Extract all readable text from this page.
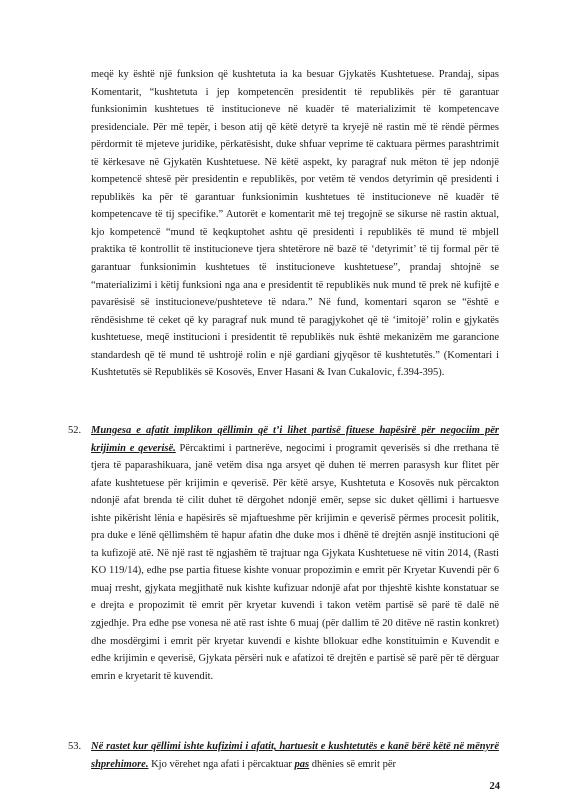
meqë ky është një funksion që kushtetuta ia ka besuar Gjykatës Kushtetuese. Prandaj, sipas Komentarit, “kushtetuta i jep kompetencën presidentit të republikës për të garantuar funksionimin kushtetues të institucioneve në kuadër të materializimit të kompetencave presidenciale. Për më tepër, i beson atij që këtë detyrë ta kryejë në rastin më të rëndë përmes përdormit të mjeteve juridike, përkatësisht, duke shfuar veprime të caktuara përmes parashtrimit të kërkesave në Gjykatën Kushtetuese. Në këtë aspekt, ky paragraf nuk mëton të jep ndonjë kompetencë shtesë për presidentin e republikës, por vetëm të vendos detyrimin që presidenti i republikës ka për të garantuar funksionimin kushtetues të institucioneve në kuadër të kompetencave të tij specifike.” Autorët e komentarit më tej tregojnë se sikurse në rastin aktual, kjo kompetencë “mund të keqkuptohet ashtu që presidenti i republikës të mund të mbjell praktika të kontrollit të institucioneve tjera shtetërore në bazë të ‘detyrimit’ të tij formal për të garantuar funksionimin kushtetues të institucioneve kushtetuese”, prandaj shtojnë se “materializimi i këtij funksioni nga ana e presidentit të republikës nuk mund të prek në kufijtë e pavarësisë së institucioneve/pushteteve të ndara.” Në fund, komentari sqaron se “është e rëndësishme të ceket që ky paragraf nuk mund të paragjykohet që të ‘imitojë’ rolin e gjykatës kushtetuese, meqë institucioni i presidentit të republikës nuk është mekanizëm me garancione standardesh që të mund të ushtrojë rolin e një gardiani gjyqësor të kushtetutës.” (Komentari i Kushtetutës së Republikës së Kosovës, Enver Hasani & Ivan Cukalovic, f.394-395).

52. Mungesa e afatit implikon qëllimin që t’i lihet partisë fituese hapësirë për negociim për krijimin e qeverisë. Përcaktimi i partnerëve, negocimi i programit qeverisës si dhe rrethana të tjera të paparashikuara, janë vetëm disa nga arsyet që duhen të merren parasysh kur flitet për afate kushtetuese për krijimin e qeverisë. Për këtë arsye, Kushtetuta e Kosovës nuk përcakton ndonjë afat brenda të cilit duhet të dërgohet ndonjë emër, sepse sic duket qëllimi i hartuesve ishte pikërisht lënia e hapësirës së mjaftueshme për krijimin e qeverisë përmes procesit politik, pra duke e lënë qëllimshëm të hapur afatin dhe duke mos i dhënë të drejtën asnjë institucioni që ta kufizojë atë. Në një rast të ngjashëm të trajtuar nga Gjykata Kushtetuese në vitin 2014, (Rasti KO 119/14), edhe pse partia fituese kishte vonuar propozimin e emrit për Kryetar Kuvendi për 6 muaj rresht, gjykata megjithatë nuk kishte kufizuar ndonjë afat por thjeshtë kishte konstatuar se e drejta e propozimit të emrit për kryetar kuvendi i takon vetëm partisë së parë të dalë në zgjedhje. Pra edhe pse vonesa në atë rast ishte 6 muaj (për dallim të 20 ditëve në rastin konkret) dhe mosdërgimi i emrit për kryetar kuvendi e kishte bllokuar edhe konstituimin e Kuvendit e edhe krijimin e qeverisë, Gjykata përsëri nuk e afatizoi të drejtën e partisë së parë për të dërguar emrin e kryetarit të kuvendit.
53. Në rastet kur qëllimi ishte kufizimi i afatit, hartuesit e kushtetutës e kanë bërë këtë në mënyrë shprehimore. Kjo vërehet nga afati i përcaktuar pas dhënies së emrit për
24
